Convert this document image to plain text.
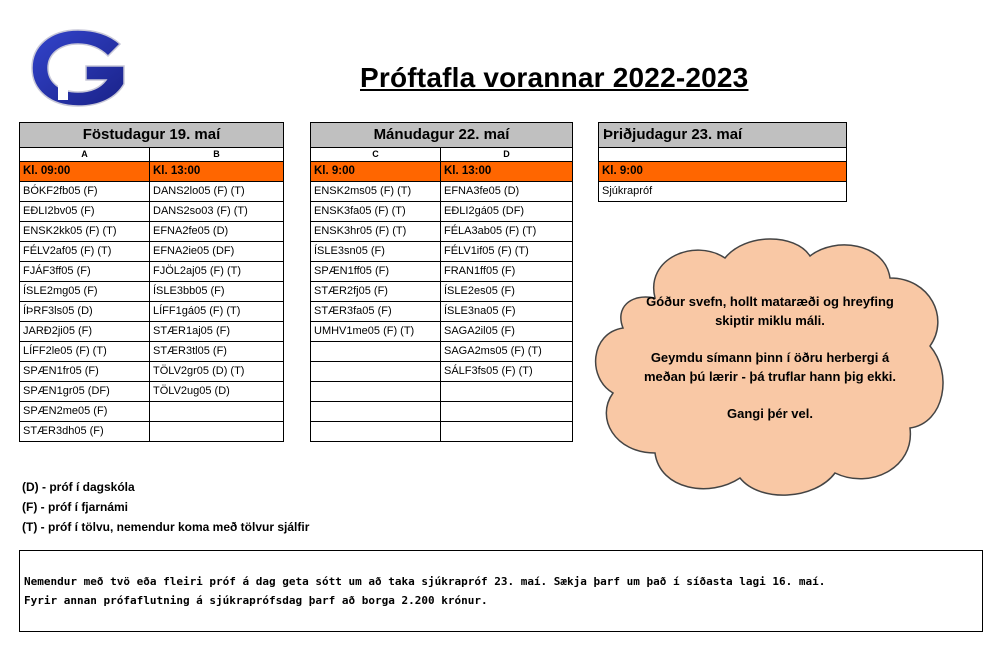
Próftafla vorannar 2022-2023
Föstudagur 19. maí	
A	B
Kl. 09:00	Kl. 13:00
BÓKF2fb05 (F)	DANS2lo05 (F) (T)
EÐLI2bv05 (F)	DANS2so03 (F) (T)
ENSK2kk05 (F) (T)	EFNA2fe05 (D)
FÉLV2af05 (F) (T)	EFNA2ie05 (DF)
FJÁF3ff05 (F)	FJÖL2aj05 (F) (T)
ÍSLE2mg05 (F)	ÍSLE3bb05 (F)
ÍÞRF3ls05 (D)	LÍFF1gá05 (F) (T)
JARÐ2ji05 (F)	STÆR1aj05 (F)
LÍFF2le05 (F) (T)	STÆR3tl05 (F)
SPÆN1fr05 (F)	TÖLV2gr05 (D) (T)
SPÆN1gr05 (DF)	TÖLV2ug05 (D)
SPÆN2me05 (F)	
STÆR3dh05 (F)	
Mánudagur 22. maí	
C	D
Kl. 9:00	Kl. 13:00
ENSK2ms05 (F) (T)	EFNA3fe05 (D)
ENSK3fa05 (F) (T)	EÐLI2gá05 (DF)
ENSK3hr05 (F) (T)	FÉLA3ab05 (F) (T)
ÍSLE3sn05 (F)	FÉLV1if05 (F) (T)
SPÆN1ff05 (F)	FRAN1ff05 (F)
STÆR2fj05 (F)	ÍSLE2es05 (F)
STÆR3fa05 (F)	ÍSLE3na05 (F)
UMHV1me05 (F) (T)	SAGA2il05 (F)
	SAGA2ms05 (F) (T)
	SÁLF3fs05 (F) (T)

Þriðjudagur 23. maí

Kl. 9:00
Sjúkrapróf

Góður svefn, hollt mataræði og hreyfing skiptir miklu máli.

Geymdu símann þinn í öðru herbergi á meðan þú lærir - þá truflar hann þig ekki.

Gangi þér vel.

(D) - próf í dagskóla
(F) - próf í fjarnámi
(T) - próf í tölvu, nemendur koma með tölvur sjálfir
Nemendur með tvö eða fleiri próf á dag geta sótt um að taka sjúkrapróf 23. maí. Sækja þarf um það í síðasta lagi 16. maí.
Fyrir annan prófaflutning á sjúkraprófsdag þarf að borga 2.200 krónur.
